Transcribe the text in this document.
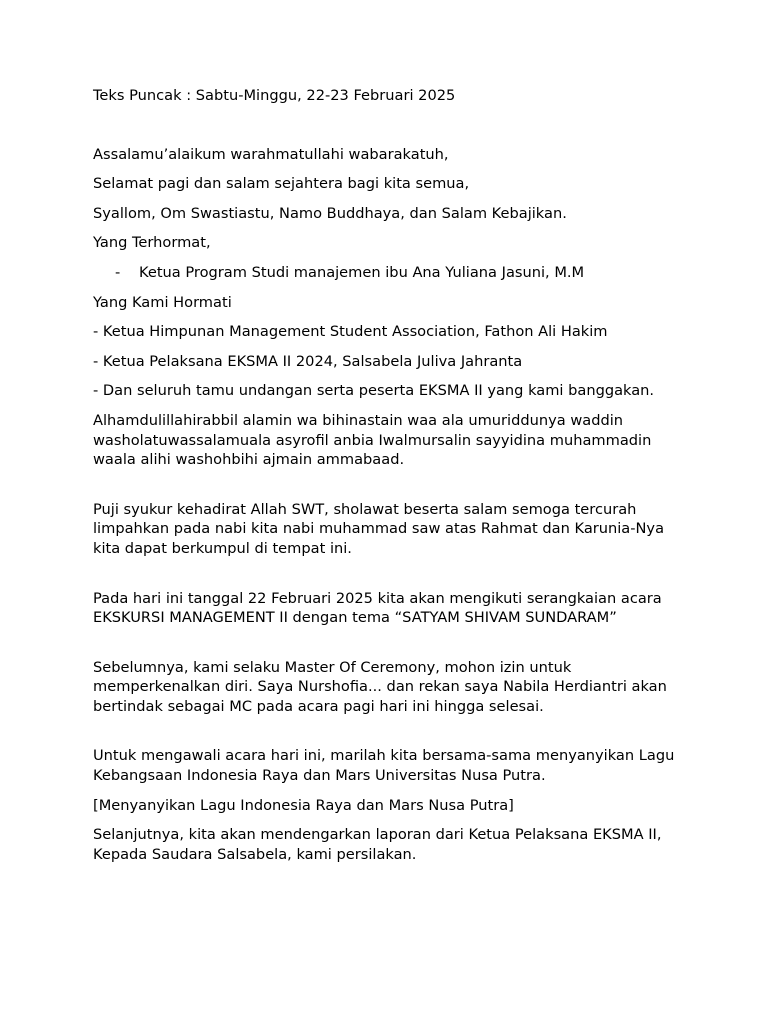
Teks Puncak : Sabtu-Minggu, 22-23 Februari 2025

Assalamu’alaikum warahmatullahi wabarakatuh,

Selamat pagi dan salam sejahtera bagi kita semua,

Syallom, Om Swastiastu, Namo Buddhaya, dan Salam Kebajikan.

Yang Terhormat,

-	Ketua Program Studi manajemen ibu Ana Yuliana Jasuni, M.M

Yang Kami Hormati

- Ketua Himpunan Management Student Association, Fathon Ali Hakim

- Ketua Pelaksana EKSMA II 2024, Salsabela Juliva Jahranta

- Dan seluruh tamu undangan serta peserta EKSMA II yang kami banggakan.

Alhamdulillahirabbil alamin wa bihinastain waa ala umuriddunya waddin washolatuwassalamuala asyrofil anbia Iwalmursalin sayyidina muhammadin waala alihi washohbihi ajmain ammabaad.

Puji syukur kehadirat Allah SWT, sholawat beserta salam semoga tercurah limpahkan pada nabi kita nabi muhammad saw atas Rahmat dan Karunia-Nya kita dapat berkumpul di tempat ini.

Pada hari ini tanggal 22 Februari 2025 kita akan mengikuti serangkaian acara EKSKURSI MANAGEMENT II dengan tema “SATYAM SHIVAM SUNDARAM”

Sebelumnya, kami selaku Master Of Ceremony, mohon izin untuk memperkenalkan diri. Saya Nurshofia... dan rekan saya Nabila Herdiantri akan bertindak sebagai MC pada acara pagi hari ini hingga selesai.

Untuk mengawali acara hari ini, marilah kita bersama-sama menyanyikan Lagu Kebangsaan Indonesia Raya dan Mars Universitas Nusa Putra.

[Menyanyikan Lagu Indonesia Raya dan Mars Nusa Putra]

Selanjutnya, kita akan mendengarkan laporan dari Ketua Pelaksana EKSMA II, Kepada Saudara Salsabela, kami persilakan.
